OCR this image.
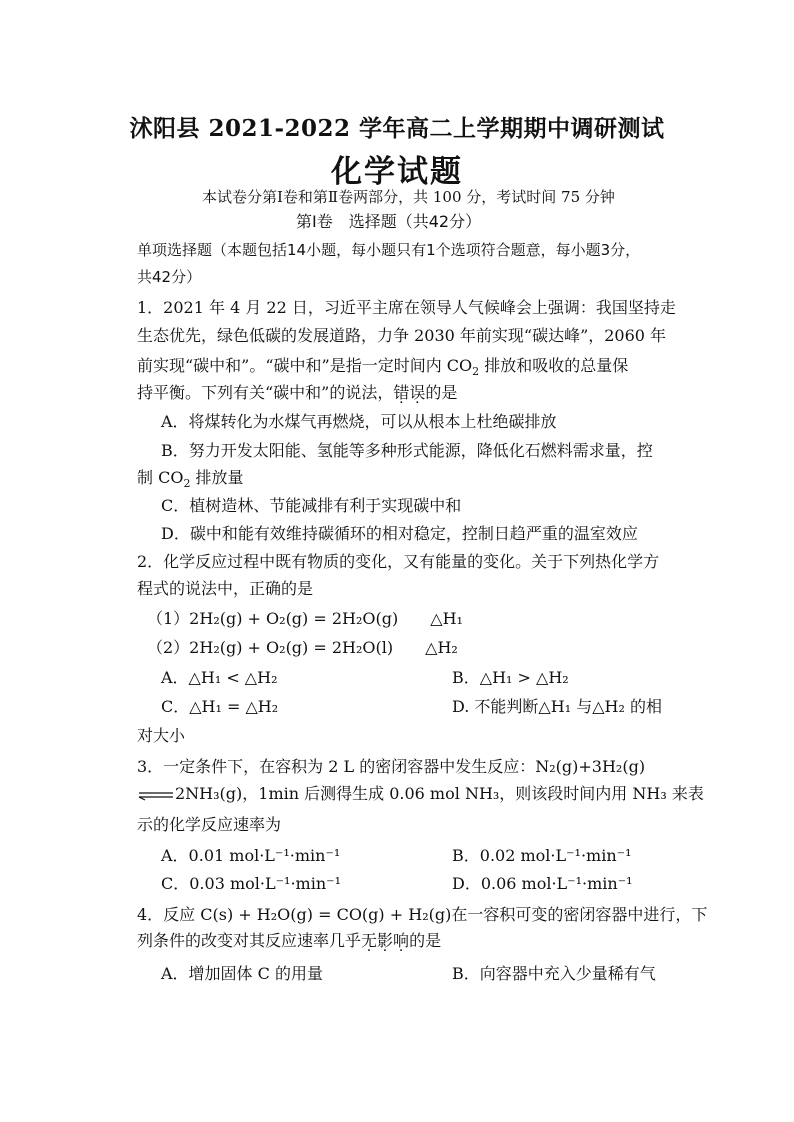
沭阳县 2021-2022 学年高二上学期期中调研测试
化学试题
本试卷分第Ⅰ卷和第Ⅱ卷两部分，共 100 分，考试时间 75 分钟
第Ⅰ卷　选择题（共42分）
单项选择题（本题包括14小题，每小题只有1个选项符合题意，每小题3分，
共42分）
1．2021 年 4 月 22 日，习近平主席在领导人气候峰会上强调：我国坚持走
生态优先，绿色低碳的发展道路，力争 2030 年前实现“碳达峰”，2060 年
前实现“碳中和”。“碳中和”是指一定时间内 $CO_2$ 排放和吸收的总量保
持平衡。下列有关“碳中和”的说法，错误的是
A．将煤转化为水煤气再燃烧，可以从根本上杜绝碳排放
B．努力开发太阳能、氢能等多种形式能源，降低化石燃料需求量，控
制 $CO_2$ 排放量
C．植树造林、节能减排有利于实现碳中和
D．碳中和能有效维持碳循环的相对稳定，控制日趋严重的温室效应
2．化学反应过程中既有物质的变化，又有能量的变化。关于下列热化学方
程式的说法中，正确的是
（1）2H₂(g) + O₂(g) = 2H₂O(g)　　△H₁
（2）2H₂(g) + O₂(g) = 2H₂O(l)　　△H₂
A．△H₁ < △H₂	B．△H₁ > △H₂
C．△H₁ = △H₂	D. 不能判断△H₁ 与△H₂ 的相
对大小
3．一定条件下，在容积为 2 L 的密闭容器中发生反应：N₂(g)+3H₂(g)
2NH₃(g)，1min 后测得生成 0.06 mol NH₃，则该段时间内用 NH₃ 来表
示的化学反应速率为
A．0.01 mol·L⁻¹·min⁻¹	B．0.02 mol·L⁻¹·min⁻¹
C．0.03 mol·L⁻¹·min⁻¹	D．0.06 mol·L⁻¹·min⁻¹
4．反应 C(s) + H₂O(g) = CO(g) + H₂(g)在一容积可变的密闭容器中进行，下
列条件的改变对其反应速率几乎无影响的是
A．增加固体 C 的用量	B．向容器中充入少量稀有气
